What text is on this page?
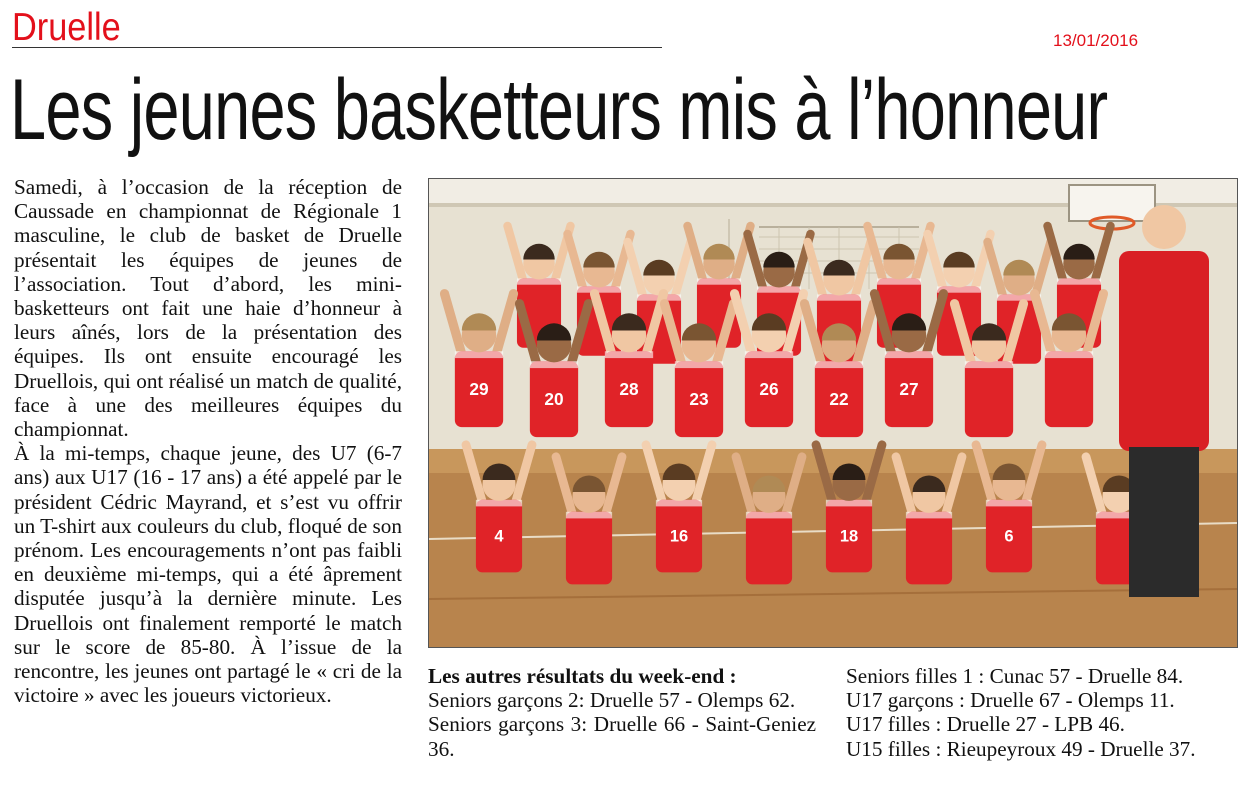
Druelle	13/01/2016
Les jeunes basketteurs mis à l’honneur

Samedi, à l’occasion de la réception de Caussade en championnat de Régionale 1 masculine, le club de basket de Druelle présentait les équipes de jeunes de l’association. Tout d’abord, les mini-basketteurs ont fait une haie d’honneur à leurs aînés, lors de la présentation des équipes. Ils ont ensuite encouragé les Druellois, qui ont réalisé un match de qualité, face à une des meilleures équipes du championnat.

À la mi-temps, chaque jeune, des U7 (6-7 ans) aux U17 (16 - 17 ans) a été appelé par le président Cédric Mayrand, et s’est vu offrir un T-shirt aux couleurs du club, floqué de son prénom. Les encouragements n’ont pas faibli en deuxième mi-temps, qui a été âprement disputée jusqu’à la dernière minute. Les Druellois ont finalement remporté le match sur le score de 85-80. À l’issue de la rencontre, les jeunes ont partagé le « cri de la victoire » avec les joueurs victorieux.

29	20	28	23	26	22	27
4	16	18	6

Les autres résultats du week-end :

Seniors garçons 2: Druelle 57 - Olemps 62.

Seniors garçons 3: Druelle 66 - Saint-Geniez 36.

Seniors filles 1 : Cunac 57 - Druelle 84.

U17 garçons : Druelle 67 - Olemps 11.

U17 filles : Druelle 27 - LPB 46.

U15 filles : Rieupeyroux 49 - Druelle 37.
